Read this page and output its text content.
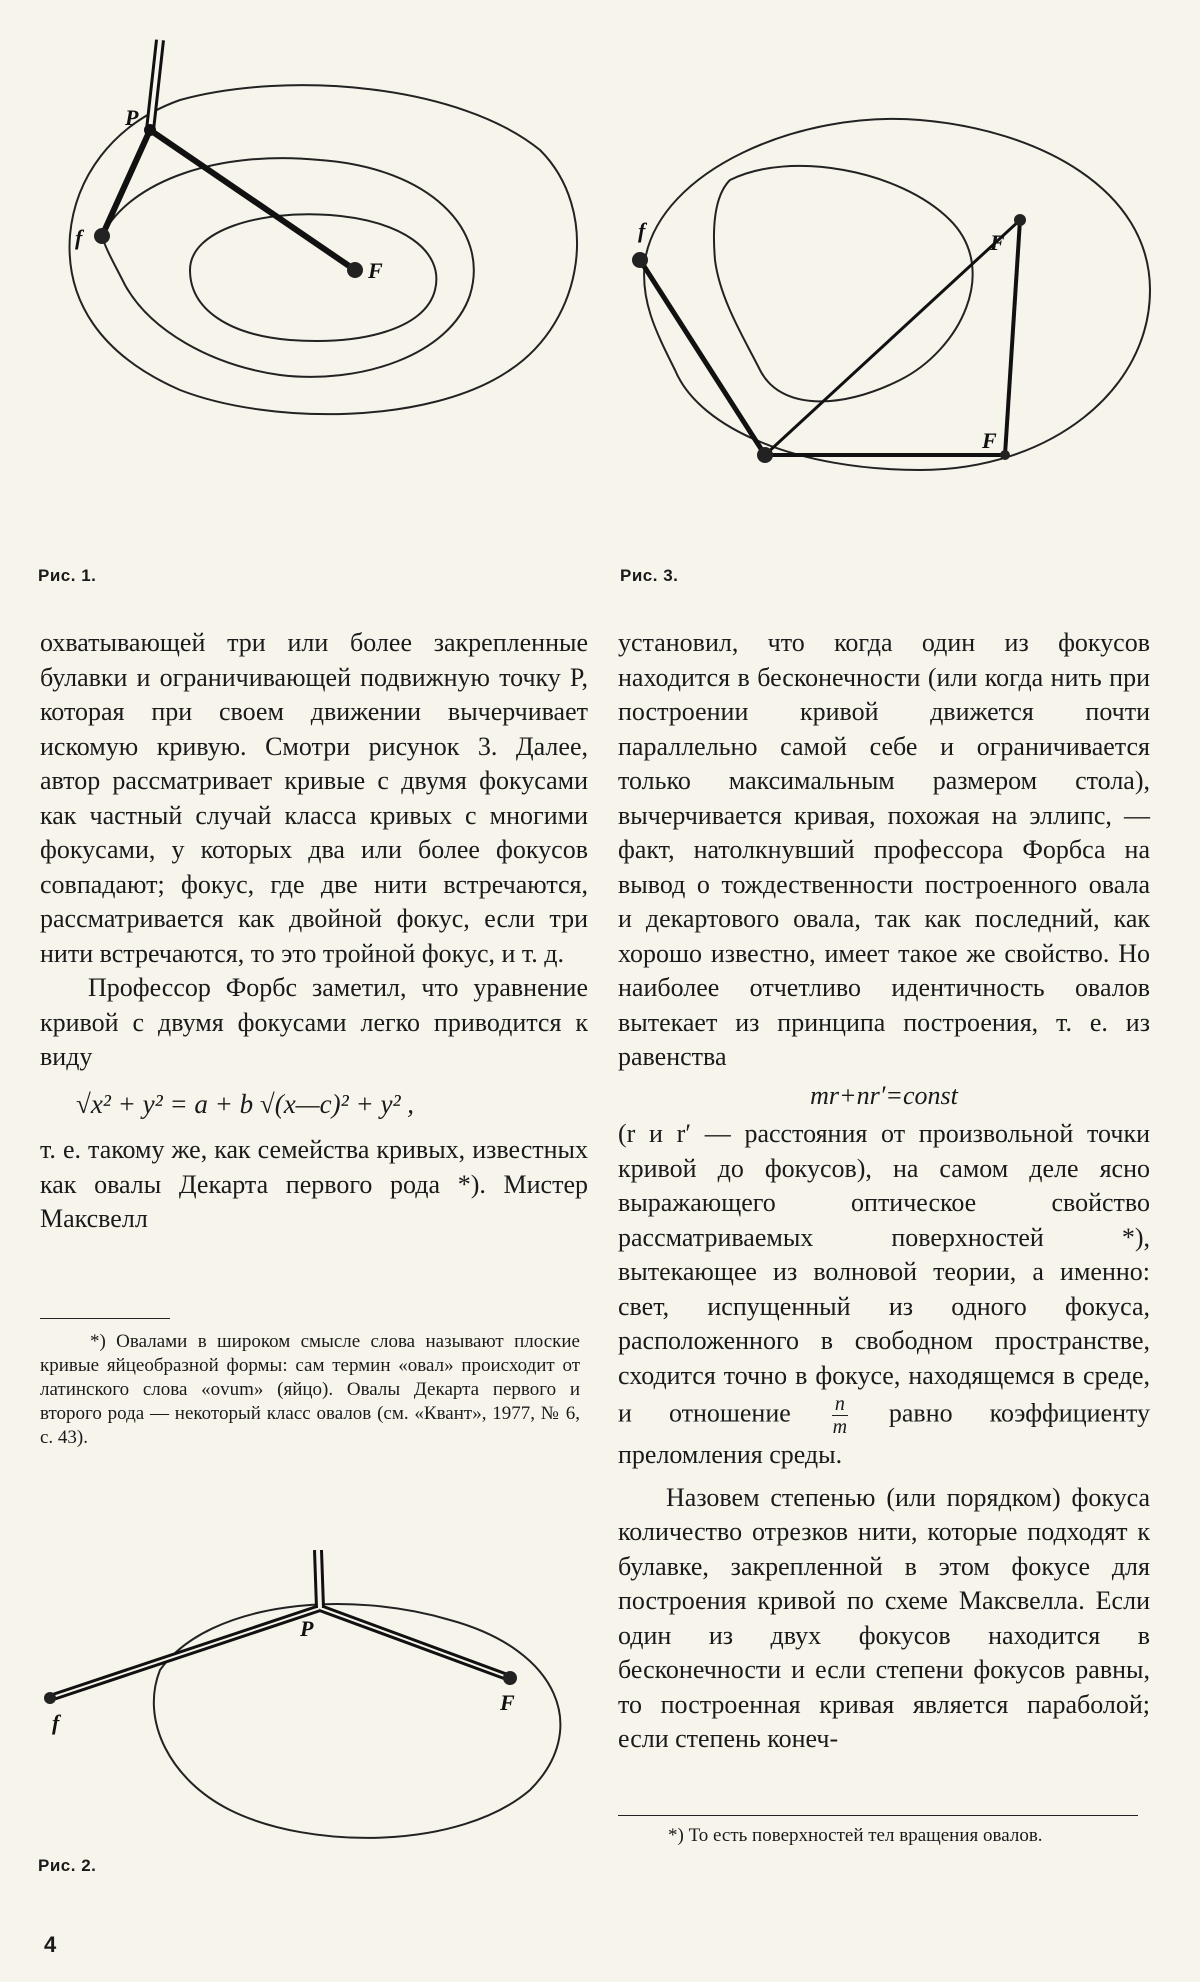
P
f
F
Рис. 1.
f	F
F
Рис. 3.

охватывающей три или более закрепленные булавки и ограничивающей подвижную точку P, которая при своем движении вычерчивает искомую кривую. Смотри рисунок 3. Далее, автор рассматривает кривые с двумя фокусами как частный случай класса кривых с многими фокусами, у которых два или более фокусов совпадают; фокус, где две нити встречаются, рассматривается как двойной фокус, если три нити встречаются, то это тройной фокус, и т. д.

Профессор Форбс заметил, что уравнение кривой с двумя фокусами легко приводится к виду

√x² + y² = a + b √(x—c)² + y² ,

т. е. такому же, как семейства кривых, известных как овалы Декарта первого рода *). Мистер Максвелл

*) Овалами в широком смысле слова называют плоские кривые яйцеобразной формы: сам термин «овал» происходит от латинского слова «ovum» (яйцо). Овалы Декарта первого и второго рода — некоторый класс овалов (см. «Квант», 1977, № 6, с. 43).

P
f
F
Рис. 2.

установил, что когда один из фокусов находится в бесконечности (или когда нить при построении кривой движется почти параллельно самой себе и ограничивается только максимальным размером стола), вычерчивается кривая, похожая на эллипс, — факт, натолкнувший профессора Форбса на вывод о тождественности построенного овала и декартового овала, так как последний, как хорошо известно, имеет такое же свойство. Но наиболее отчетливо идентичность овалов вытекает из принципа построения, т. е. из равенства

mr+nr′=const

(r и r′ — расстояния от произвольной точки кривой до фокусов), на самом деле ясно выражающего оптическое свойство рассматриваемых поверхностей *), вытекающее из волновой теории, а именно: свет, испущенный из одного фокуса, расположенного в свободном пространстве, сходится точно в фокусе, находящемся в среде, и отношение $\frac{n}{m}$ равно коэффициенту преломления среды.

Назовем степенью (или порядком) фокуса количество отрезков нити, которые подходят к булавке, закрепленной в этом фокусе для построения кривой по схеме Максвелла. Если один из двух фокусов находится в бесконечности и если степени фокусов равны, то построенная кривая является параболой; если степень конеч-

*) То есть поверхностей тел вращения овалов.

4
